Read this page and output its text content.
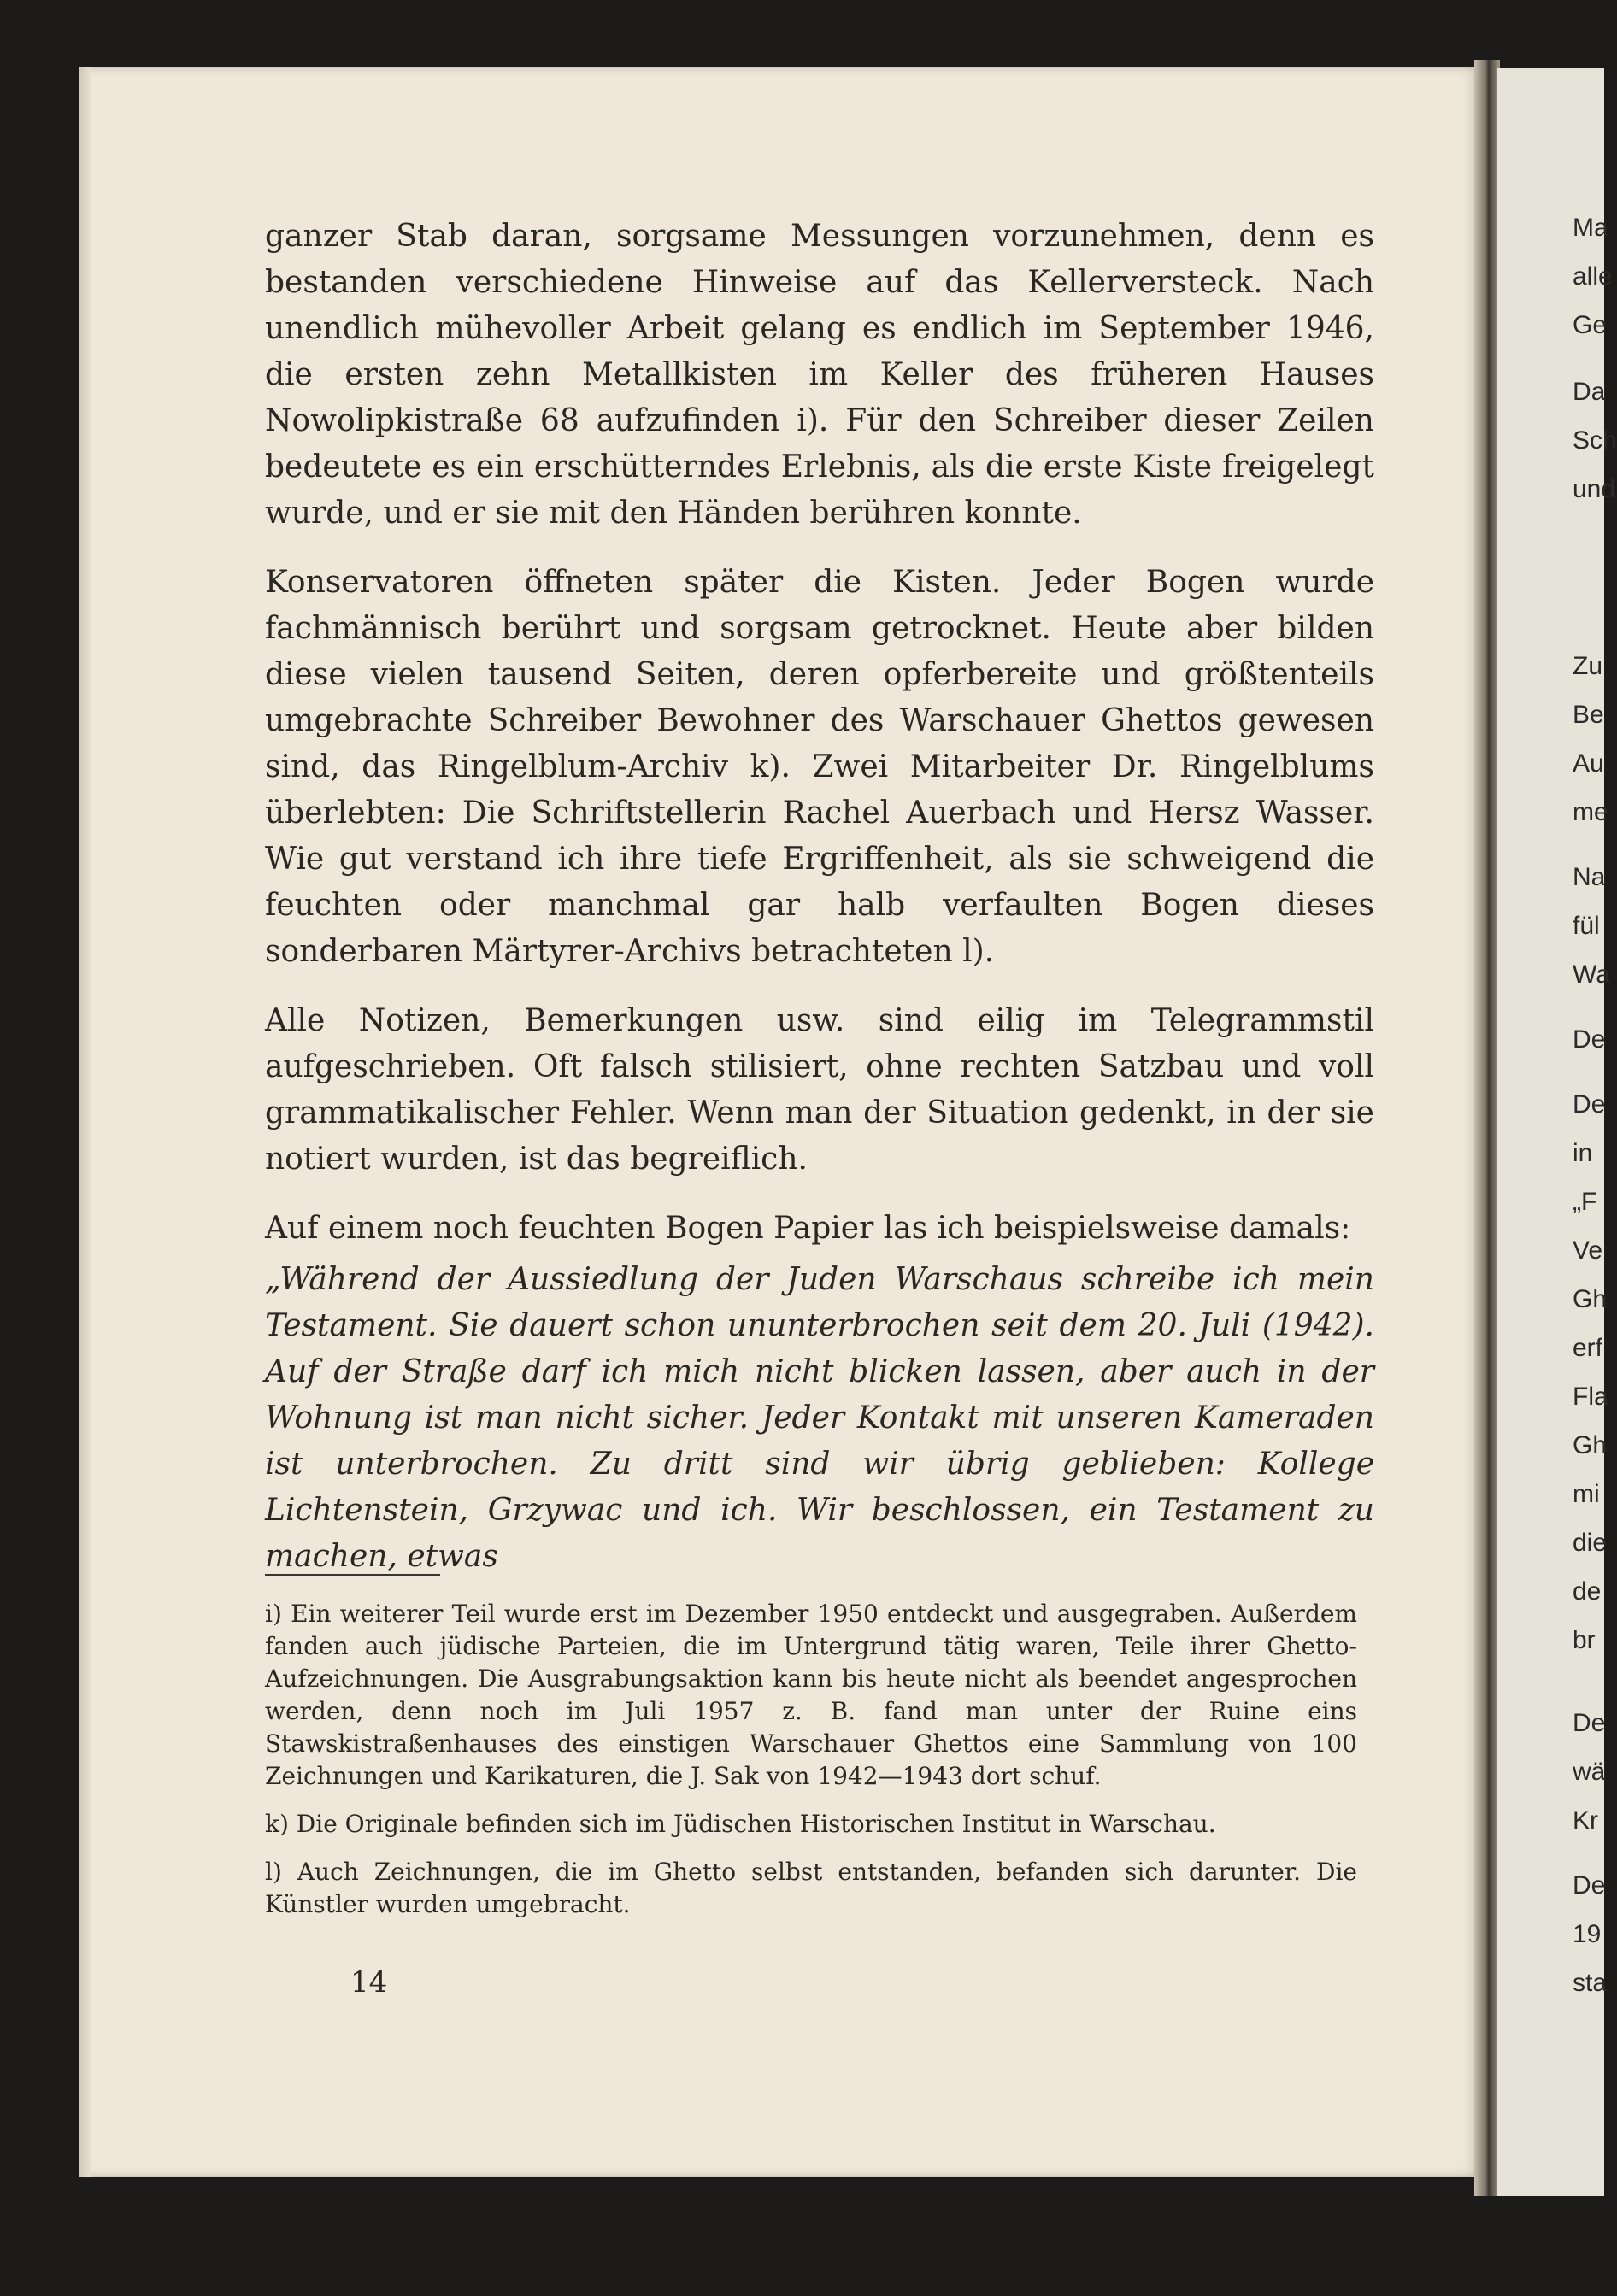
Ma

alle

Ge

Da

Sch

und

Zu

Be

Au

me

Na

fül

Wa

De

De

in

„F

Ve

Gh

erf

Fla

Gh

mi

die

de

br

De

wä

Kr

De

19

sta

ganzer Stab daran, sorgsame Messungen vorzunehmen, denn es bestanden verschiedene Hinweise auf das Kellerversteck. Nach unendlich mühevoller Arbeit gelang es endlich im September 1946, die ersten zehn Metallkisten im Keller des früheren Hauses Nowolipkistraße 68 aufzufinden i). Für den Schreiber dieser Zeilen bedeutete es ein erschütterndes Erlebnis, als die erste Kiste freigelegt wurde, und er sie mit den Händen berühren konnte.

Konservatoren öffneten später die Kisten. Jeder Bogen wurde fachmännisch berührt und sorgsam getrocknet. Heute aber bilden diese vielen tausend Seiten, deren opferbereite und größtenteils umgebrachte Schreiber Bewohner des Warschauer Ghettos gewesen sind, das Ringelblum-Archiv k). Zwei Mitarbeiter Dr. Ringelblums überlebten: Die Schriftstellerin Rachel Auerbach und Hersz Wasser. Wie gut verstand ich ihre tiefe Ergriffenheit, als sie schweigend die feuchten oder manchmal gar halb verfaulten Bogen dieses sonderbaren Märtyrer-Archivs betrachteten l).

Alle Notizen, Bemerkungen usw. sind eilig im Telegrammstil aufgeschrieben. Oft falsch stilisiert, ohne rechten Satzbau und voll grammatikalischer Fehler. Wenn man der Situation gedenkt, in der sie notiert wurden, ist das begreiflich.

Auf einem noch feuchten Bogen Papier las ich beispielsweise damals:

„Während der Aussiedlung der Juden Warschaus schreibe ich mein Testament. Sie dauert schon ununterbrochen seit dem 20. Juli (1942). Auf der Straße darf ich mich nicht blicken lassen, aber auch in der Wohnung ist man nicht sicher. Jeder Kontakt mit unseren Kameraden ist unterbrochen. Zu dritt sind wir übrig geblieben: Kollege Lichtenstein, Grzywac und ich. Wir beschlossen, ein Testament zu machen, etwas

i) Ein weiterer Teil wurde erst im Dezember 1950 entdeckt und ausgegraben. Außerdem fanden auch jüdische Parteien, die im Untergrund tätig waren, Teile ihrer Ghetto-Aufzeichnungen. Die Ausgrabungsaktion kann bis heute nicht als beendet angesprochen werden, denn noch im Juli 1957 z. B. fand man unter der Ruine eins Stawskistraßenhauses des einstigen Warschauer Ghettos eine Sammlung von 100 Zeichnungen und Karikaturen, die J. Sak von 1942—1943 dort schuf.

k) Die Originale befinden sich im Jüdischen Historischen Institut in Warschau.

l) Auch Zeichnungen, die im Ghetto selbst entstanden, befanden sich darunter. Die Künstler wurden umgebracht.

14
